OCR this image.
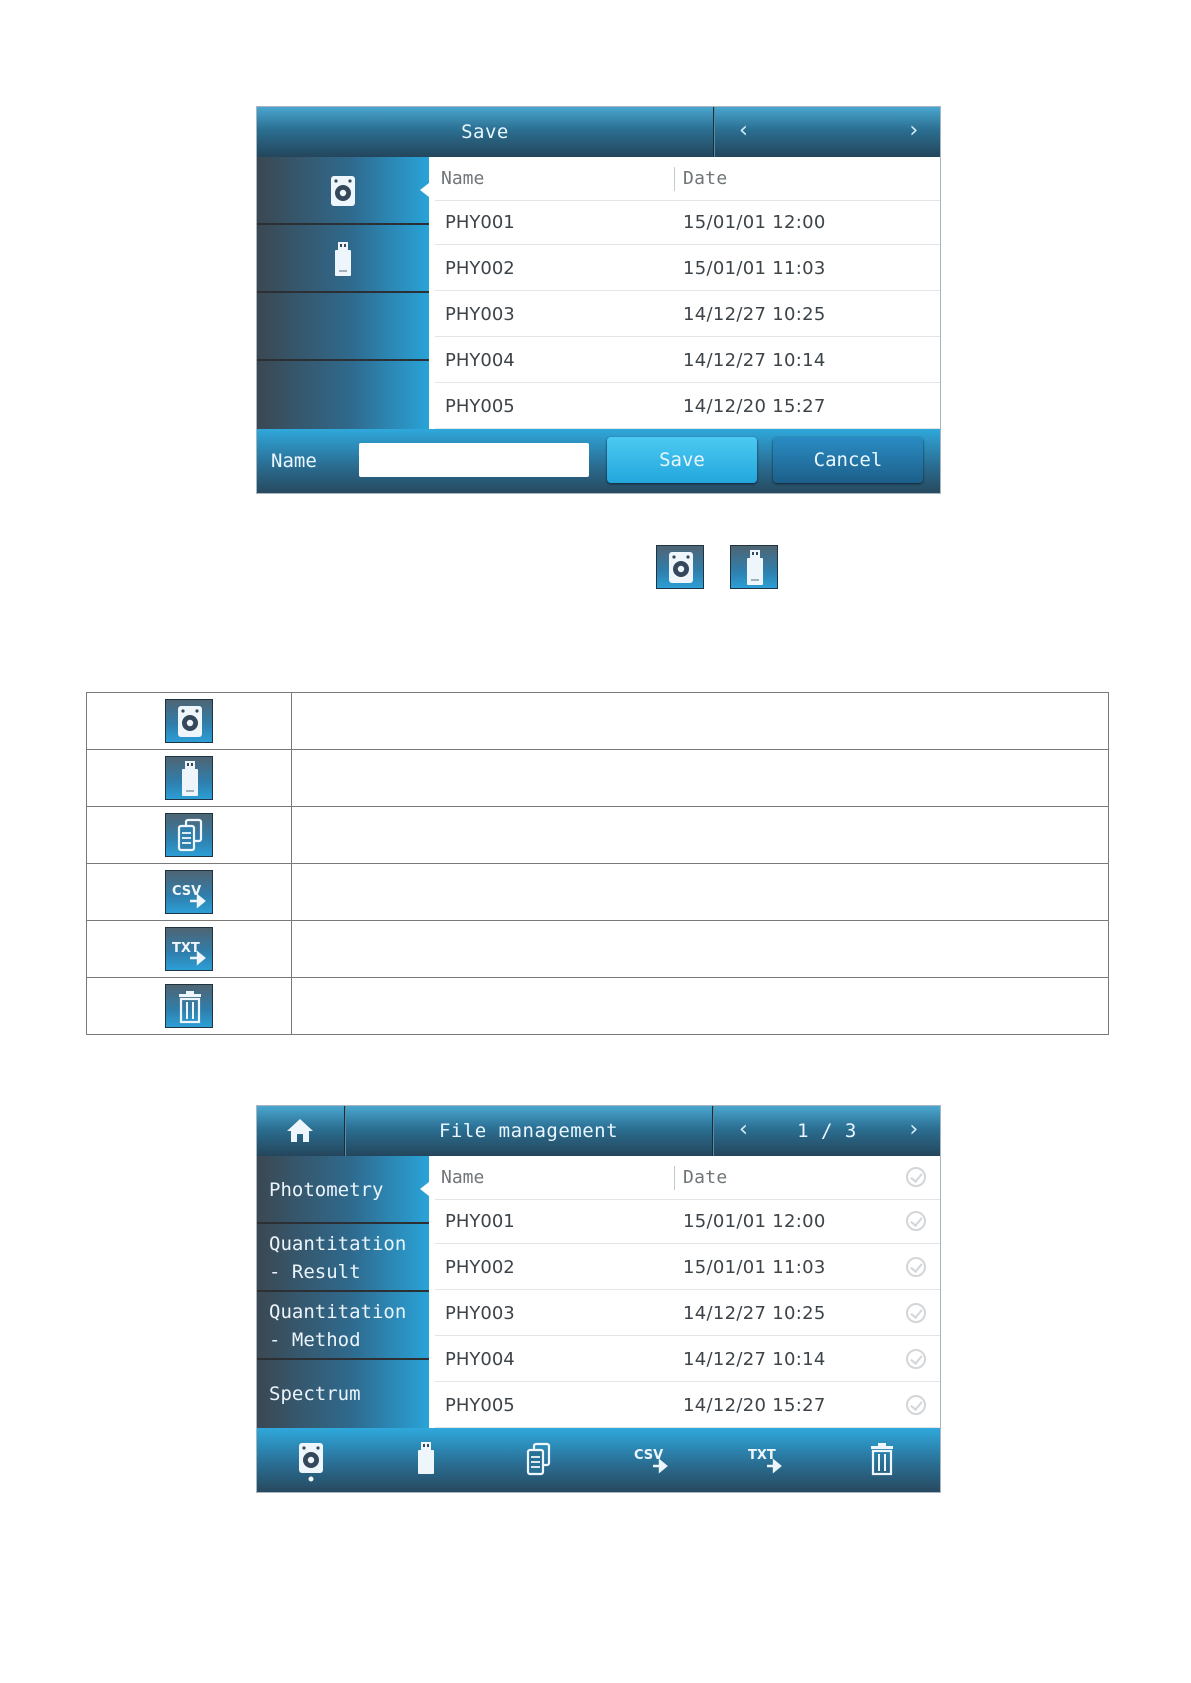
Save	‹	›
Name	Date
PHY001	15/01/01 12:00
PHY002	15/01/01 11:03
PHY003	14/12/27 10:25
PHY004	14/12/27 10:14
PHY005	14/12/20 15:27
Name	Save	Cancel

CSV	

TXT	

File management	‹	1 / 3	›
Photometry
Quantitation
- Result
Quantitation
- Method
Spectrum
Name	Date
PHY001	15/01/01 12:00
PHY002	15/01/01 11:03
PHY003	14/12/27 10:25
PHY004	14/12/27 10:14
PHY005	14/12/20 15:27
CSV	TXT
